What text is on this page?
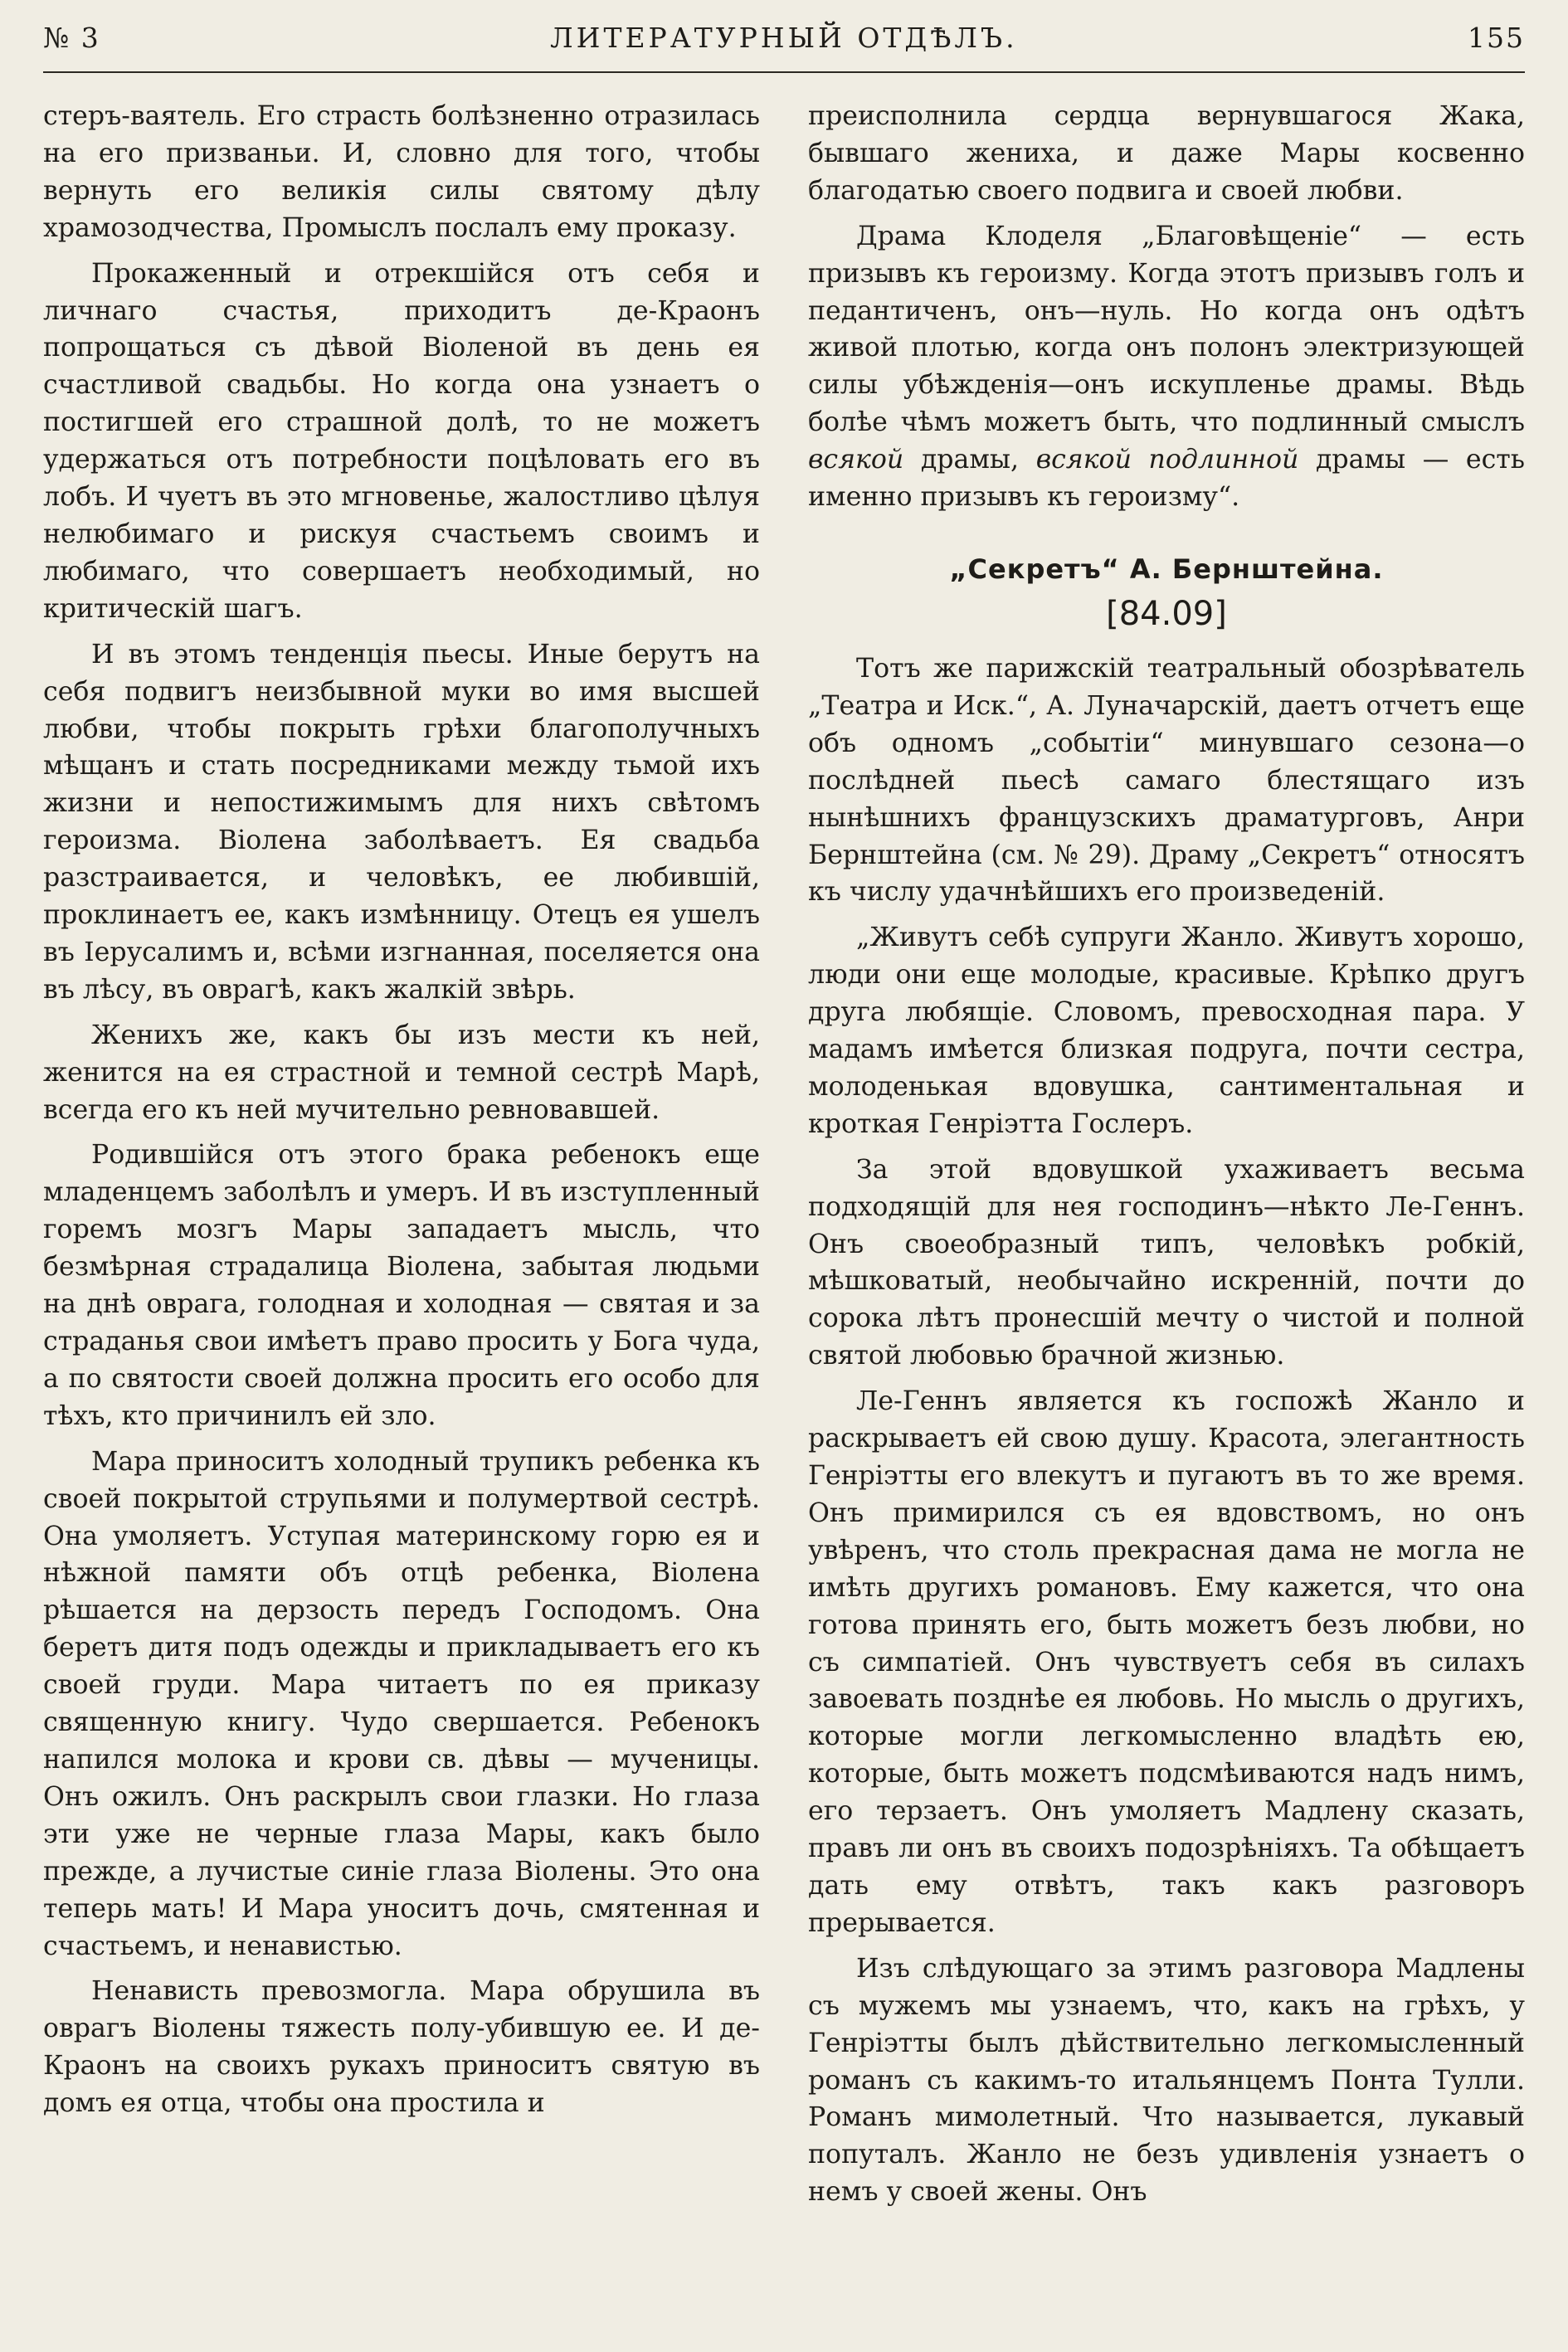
№ 3	ЛИТЕРАТУРНЫЙ ОТДѢЛЪ.	155

стеръ-ваятель. Его страсть болѣзненно отразилась на его призваньи. И, словно для того, чтобы вернуть его великія силы святому дѣлу храмозодчества, Промыслъ послалъ ему проказу.

Прокаженный и отрекшійся отъ себя и личнаго счастья, приходитъ де-Краонъ попрощаться съ дѣвой Віоленой въ день ея счастливой свадьбы. Но когда она узнаетъ о постигшей его страшной долѣ, то не можетъ удержаться отъ потребности поцѣловать его въ лобъ. И чуетъ въ это мгновенье, жалостливо цѣлуя нелюбимаго и рискуя счастьемъ своимъ и любимаго, что совершаетъ необходимый, но критическій шагъ.

И въ этомъ тенденція пьесы. Иные берутъ на себя подвигъ неизбывной муки во имя высшей любви, чтобы покрыть грѣхи благополучныхъ мѣщанъ и стать посредниками между тьмой ихъ жизни и непостижимымъ для нихъ свѣтомъ героизма. Віолена заболѣваетъ. Ея свадьба разстраивается, и человѣкъ, ее любившій, проклинаетъ ее, какъ измѣнницу. Отецъ ея ушелъ въ Іерусалимъ и, всѣми изгнанная, поселяется она въ лѣсу, въ оврагѣ, какъ жалкій звѣрь.

Женихъ же, какъ бы изъ мести къ ней, женится на ея страстной и темной сестрѣ Марѣ, всегда его къ ней мучительно ревновавшей.

Родившійся отъ этого брака ребенокъ еще младенцемъ заболѣлъ и умеръ. И въ изступленный горемъ мозгъ Мары западаетъ мысль, что безмѣрная страдалица Віолена, забытая людьми на днѣ оврага, голодная и холодная — святая и за страданья свои имѣетъ право просить у Бога чуда, а по святости своей должна просить его особо для тѣхъ, кто причинилъ ей зло.

Мара приноситъ холодный трупикъ ребенка къ своей покрытой струпьями и полумертвой сестрѣ. Она умоляетъ. Уступая материнскому горю ея и нѣжной памяти объ отцѣ ребенка, Віолена рѣшается на дерзость передъ Господомъ. Она беретъ дитя подъ одежды и прикладываетъ его къ своей груди. Мара читаетъ по ея приказу священную книгу. Чудо свершается. Ребенокъ напился молока и крови св. дѣвы — мученицы. Онъ ожилъ. Онъ раскрылъ свои глазки. Но глаза эти уже не черные глаза Мары, какъ было прежде, а лучистые синіе глаза Віолены. Это она теперь мать! И Мара уноситъ дочь, смятенная и счастьемъ, и ненавистью.

Ненависть превозмогла. Мара обрушила въ оврагъ Віолены тяжесть полу-убившую ее. И де-Краонъ на своихъ рукахъ приноситъ святую въ домъ ея отца, чтобы она простила и

преисполнила сердца вернувшагося Жака, бывшаго жениха, и даже Мары косвенно благодатью своего подвига и своей любви.

Драма Клоделя „Благовѣщеніе“ — есть призывъ къ героизму. Когда этотъ призывъ голъ и педантиченъ, онъ—нуль. Но когда онъ одѣтъ живой плотью, когда онъ полонъ электризующей силы убѣжденія—онъ искупленье драмы. Вѣдь болѣе чѣмъ можетъ быть, что подлинный смыслъ всякой драмы, всякой подлинной драмы — есть именно призывъ къ героизму“.

„Секретъ“ А. Бернштейна.
[84.09]

Тотъ же парижскій театральный обозрѣватель „Театра и Иск.“, А. Луначарскій, даетъ отчетъ еще объ одномъ „событіи“ минувшаго сезона—о послѣдней пьесѣ самаго блестящаго изъ нынѣшнихъ французскихъ драматурговъ, Анри Бернштейна (см. № 29). Драму „Секретъ“ относятъ къ числу удачнѣйшихъ его произведеній.

„Живутъ себѣ супруги Жанло. Живутъ хорошо, люди они еще молодые, красивые. Крѣпко другъ друга любящіе. Словомъ, превосходная пара. У мадамъ имѣется близкая подруга, почти сестра, молоденькая вдовушка, сантиментальная и кроткая Генріэтта Гослеръ.

За этой вдовушкой ухаживаетъ весьма подходящій для нея господинъ—нѣкто Ле-Геннъ. Онъ своеобразный типъ, человѣкъ робкій, мѣшковатый, необычайно искренній, почти до сорока лѣтъ пронесшій мечту о чистой и полной святой любовью брачной жизнью.

Ле-Геннъ является къ госпожѣ Жанло и раскрываетъ ей свою душу. Красота, элегантность Генріэтты его влекутъ и пугаютъ въ то же время. Онъ примирился съ ея вдовствомъ, но онъ увѣренъ, что столь прекрасная дама не могла не имѣть другихъ романовъ. Ему кажется, что она готова принять его, быть можетъ безъ любви, но съ симпатіей. Онъ чувствуетъ себя въ силахъ завоевать позднѣе ея любовь. Но мысль о другихъ, которые могли легкомысленно владѣть ею, которые, быть можетъ подсмѣиваются надъ нимъ, его терзаетъ. Онъ умоляетъ Мадлену сказать, правъ ли онъ въ своихъ подозрѣніяхъ. Та обѣщаетъ дать ему отвѣтъ, такъ какъ разговоръ прерывается.

Изъ слѣдующаго за этимъ разговора Мадлены съ мужемъ мы узнаемъ, что, какъ на грѣхъ, у Генріэтты былъ дѣйствительно легкомысленный романъ съ какимъ-то итальянцемъ Понта Тулли. Романъ мимолетный. Что называется, лукавый попуталъ. Жанло не безъ удивленія узнаетъ о немъ у своей жены. Онъ
